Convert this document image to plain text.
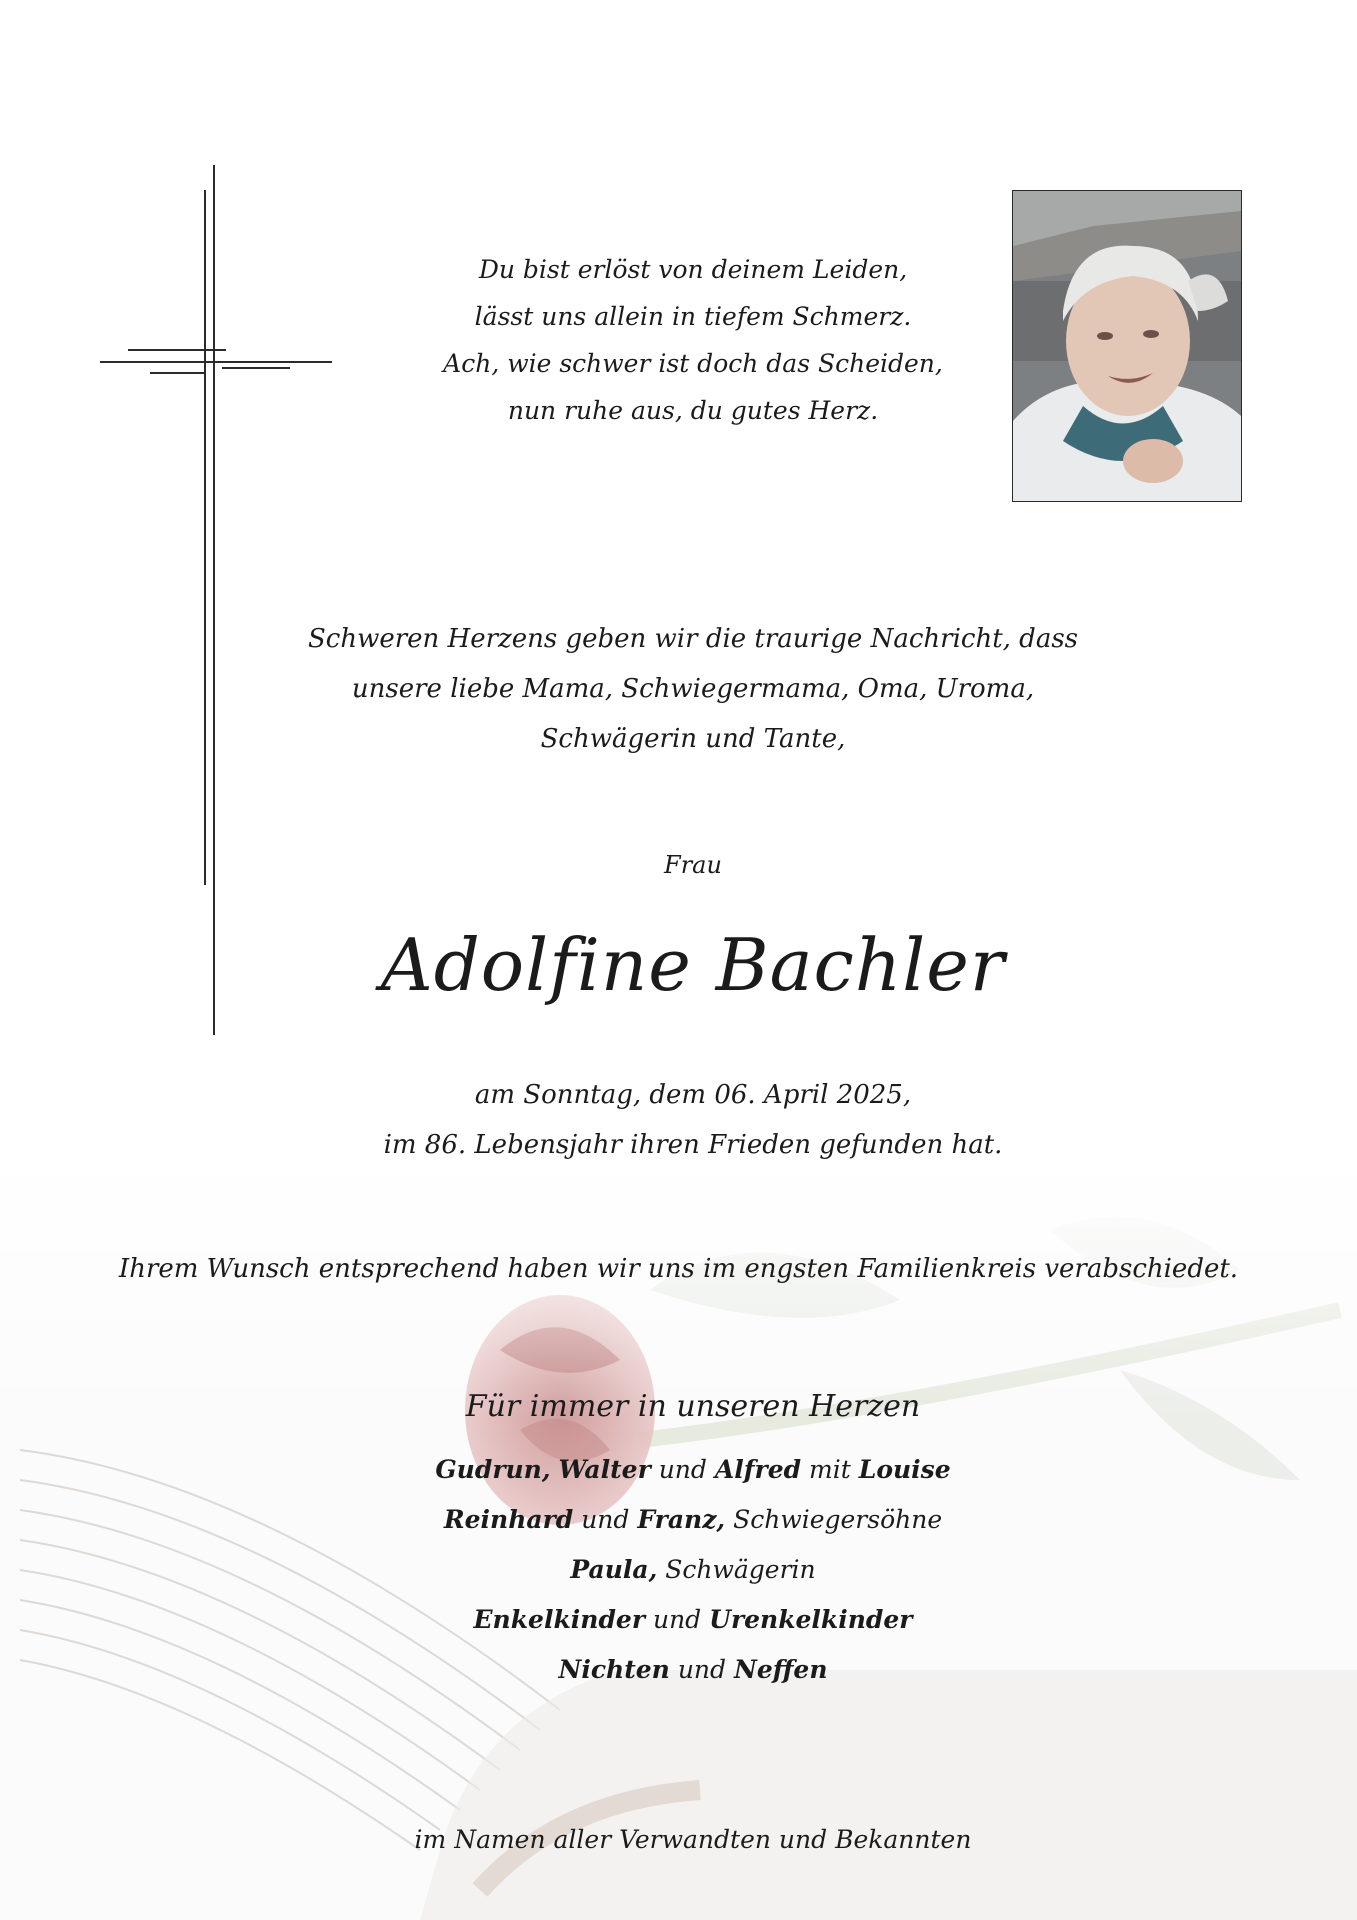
Du bist erlöst von deinem Leiden,
lässt uns allein in tiefem Schmerz.
Ach, wie schwer ist doch das Scheiden,
nun ruhe aus, du gutes Herz.
Schweren Herzens geben wir die traurige Nachricht, dass
unsere liebe Mama, Schwiegermama, Oma, Uroma,
Schwägerin und Tante,
Frau
Adolfine Bachler
am Sonntag, dem 06. April 2025,
im 86. Lebensjahr ihren Frieden gefunden hat.
Ihrem Wunsch entsprechend haben wir uns im engsten Familienkreis verabschiedet.
Für immer in unseren Herzen
Gudrun, Walter und Alfred mit Louise
Reinhard und Franz, Schwiegersöhne
Paula, Schwägerin
Enkelkinder und Urenkelkinder
Nichten und Neffen
im Namen aller Verwandten und Bekannten
